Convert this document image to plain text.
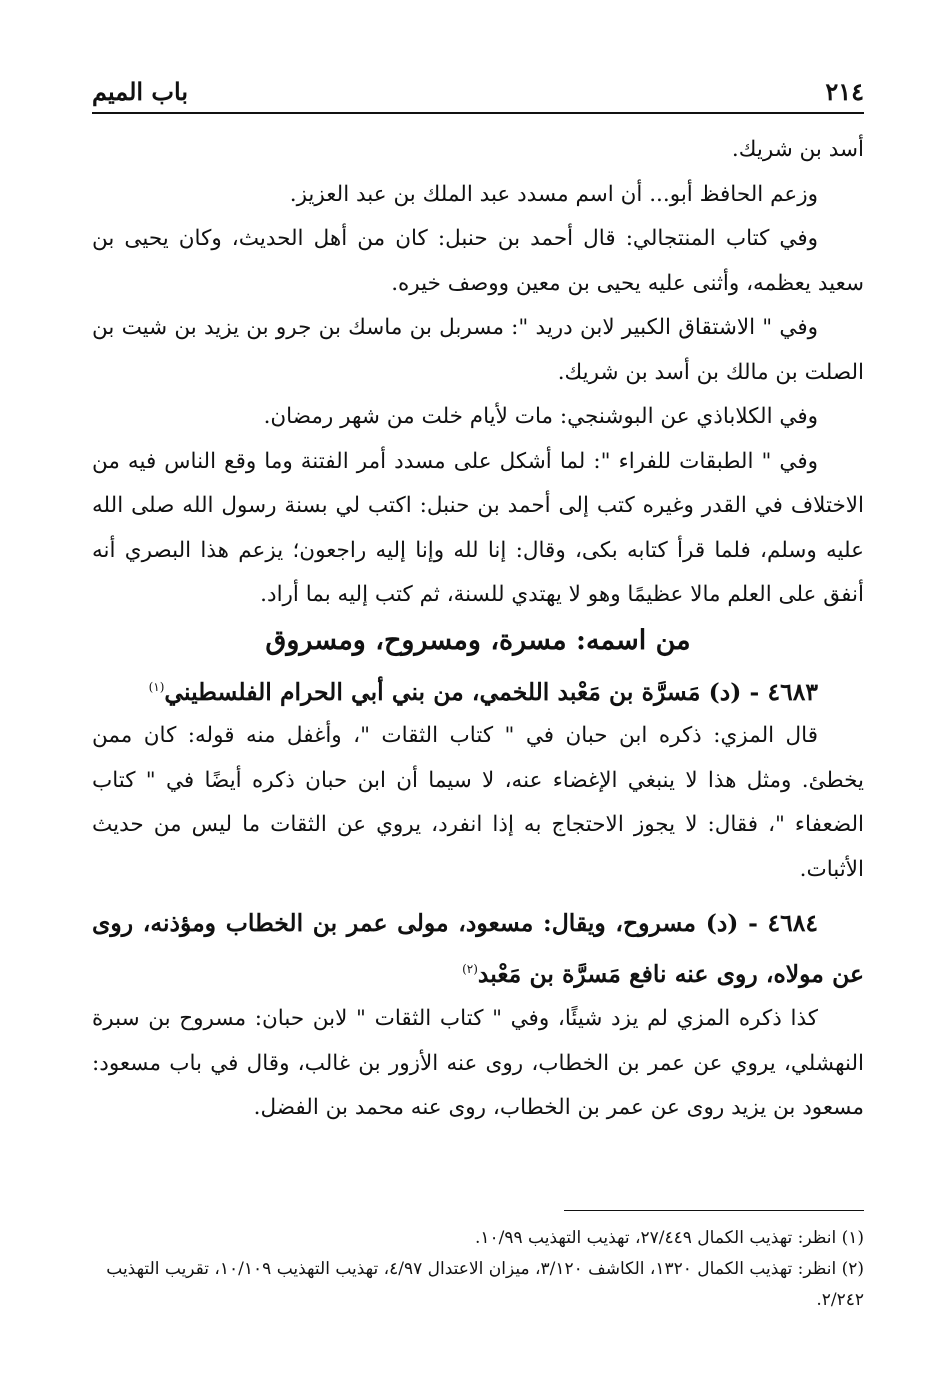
٢١٤
باب الميم

أسد بن شريك.

وزعم الحافظ أبو... أن اسم مسدد عبد الملك بن عبد العزيز.

وفي كتاب المنتجالي: قال أحمد بن حنبل: كان من أهل الحديث، وكان يحيى بن سعيد يعظمه، وأثنى عليه يحيى بن معين ووصف خيره.

وفي " الاشتقاق الكبير لابن دريد ": مسربل بن ماسك بن جرو بن يزيد بن شيت بن الصلت بن مالك بن أسد بن شريك.

وفي الكلاباذي عن البوشنجي: مات لأيام خلت من شهر رمضان.

وفي " الطبقات للفراء ": لما أشكل على مسدد أمر الفتنة وما وقع الناس فيه من الاختلاف في القدر وغيره كتب إلى أحمد بن حنبل: اكتب لي بسنة رسول الله صلى الله عليه وسلم، فلما قرأ كتابه بكى، وقال: إنا لله وإنا إليه راجعون؛ يزعم هذا البصري أنه أنفق على العلم مالا عظيمًا وهو لا يهتدي للسنة، ثم كتب إليه بما أراد.

من اسمه: مسرة، ومسروح، ومسروق

٤٦٨٣ - (د) مَسرَّة بن مَعْبد اللخمي، من بني أبي الحرام الفلسطيني$^{(١)}$

قال المزي: ذكره ابن حبان في " كتاب الثقات "، وأغفل منه قوله: كان ممن يخطئ. ومثل هذا لا ينبغي الإغضاء عنه، لا سيما أن ابن حبان ذكره أيضًا في " كتاب الضعفاء "، فقال: لا يجوز الاحتجاج به إذا انفرد، يروي عن الثقات ما ليس من حديث الأثبات.

٤٦٨٤ - (د) مسروح، ويقال: مسعود، مولى عمر بن الخطاب ومؤذنه، روى عن مولاه، روى عنه نافع مَسرَّة بن مَعْبد$^{(٢)}$

كذا ذكره المزي لم يزد شيئًا، وفي " كتاب الثقات " لابن حبان: مسروح بن سبرة النهشلي، يروي عن عمر بن الخطاب، روى عنه الأزور بن غالب، وقال في باب مسعود: مسعود بن يزيد روى عن عمر بن الخطاب، روى عنه محمد بن الفضل.

(١) انظر: تهذيب الكمال ٢٧/٤٤٩، تهذيب التهذيب ١٠/٩٩.

(٢) انظر: تهذيب الكمال ١٣٢٠، الكاشف ٣/١٢٠، ميزان الاعتدال ٤/٩٧، تهذيب التهذيب ١٠/١٠٩، تقريب التهذيب ٢/٢٤٢.
